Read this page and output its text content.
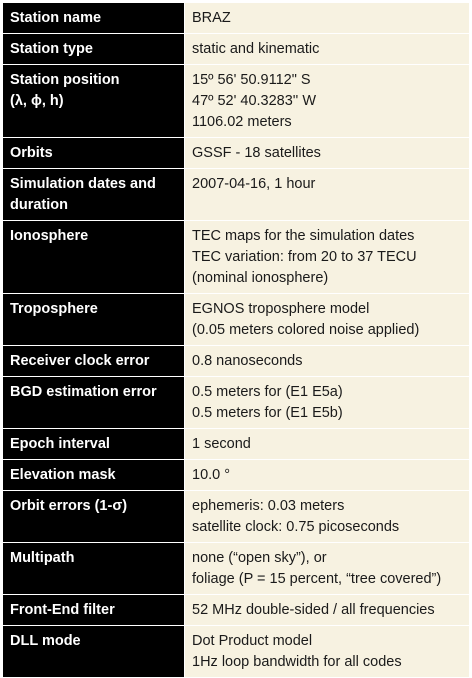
Station name	BRAZ

Station type	static and kinematic

Station position
(λ, ϕ, h)	15º 56' 50.9112" S
47º 52' 40.3283'' W
1106.02 meters

Orbits	GSSF - 18 satellites

Simulation dates and
duration	2007-04-16, 1 hour

Ionosphere	TEC maps for the simulation dates
TEC variation: from 20 to 37 TECU
(nominal ionosphere)

Troposphere	EGNOS troposphere model
(0.05 meters colored noise applied)

Receiver clock error	0.8 nanoseconds

BGD estimation error	0.5 meters for (E1 E5a)
0.5 meters for (E1 E5b)

Epoch interval	1 second

Elevation mask	10.0 °

Orbit errors (1-σ)	ephemeris: 0.03 meters
satellite clock: 0.75 picoseconds

Multipath	none (“open sky”), or
foliage (P = 15 percent, “tree covered”)

Front-End filter	52 MHz double-sided / all frequencies

DLL mode	Dot Product model
1Hz loop bandwidth for all codes
